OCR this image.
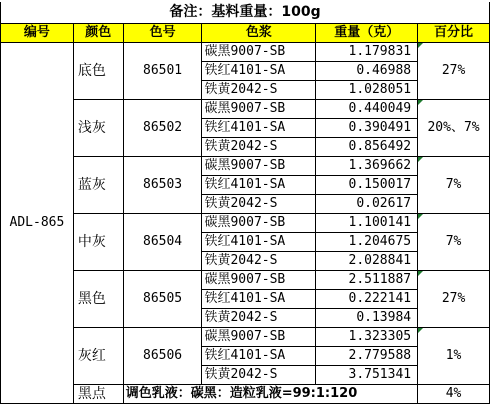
备注：基料重量：100g					
编号	颜色	色号	色浆	重量（克）	百分比
ADL-865	底色	86501	碳黑9007-SB	1.179831	27%
			铁红4101-SA	0.46988	
			铁黄2042-S	1.028051	
	浅灰	86502	碳黑9007-SB	0.440049	20%、7%
			铁红4101-SA	0.390491	
			铁黄2042-S	0.856492	
	蓝灰	86503	碳黑9007-SB	1.369662	7%
			铁红4101-SA	0.150017	
			铁黄2042-S	0.02617	
	中灰	86504	碳黑9007-SB	1.100141	7%
			铁红4101-SA	1.204675	
			铁黄2042-S	2.028841	
	黑色	86505	碳黑9007-SB	2.511887	27%
			铁红4101-SA	0.222141	
			铁黄2042-S	0.13984	
	灰红	86506	碳黑9007-SB	1.323305	1%
			铁红4101-SA	2.779588	
			铁黄2042-S	3.751341	
	黑点	调色乳液：碳黑：造粒乳液=99:1:120			4%
